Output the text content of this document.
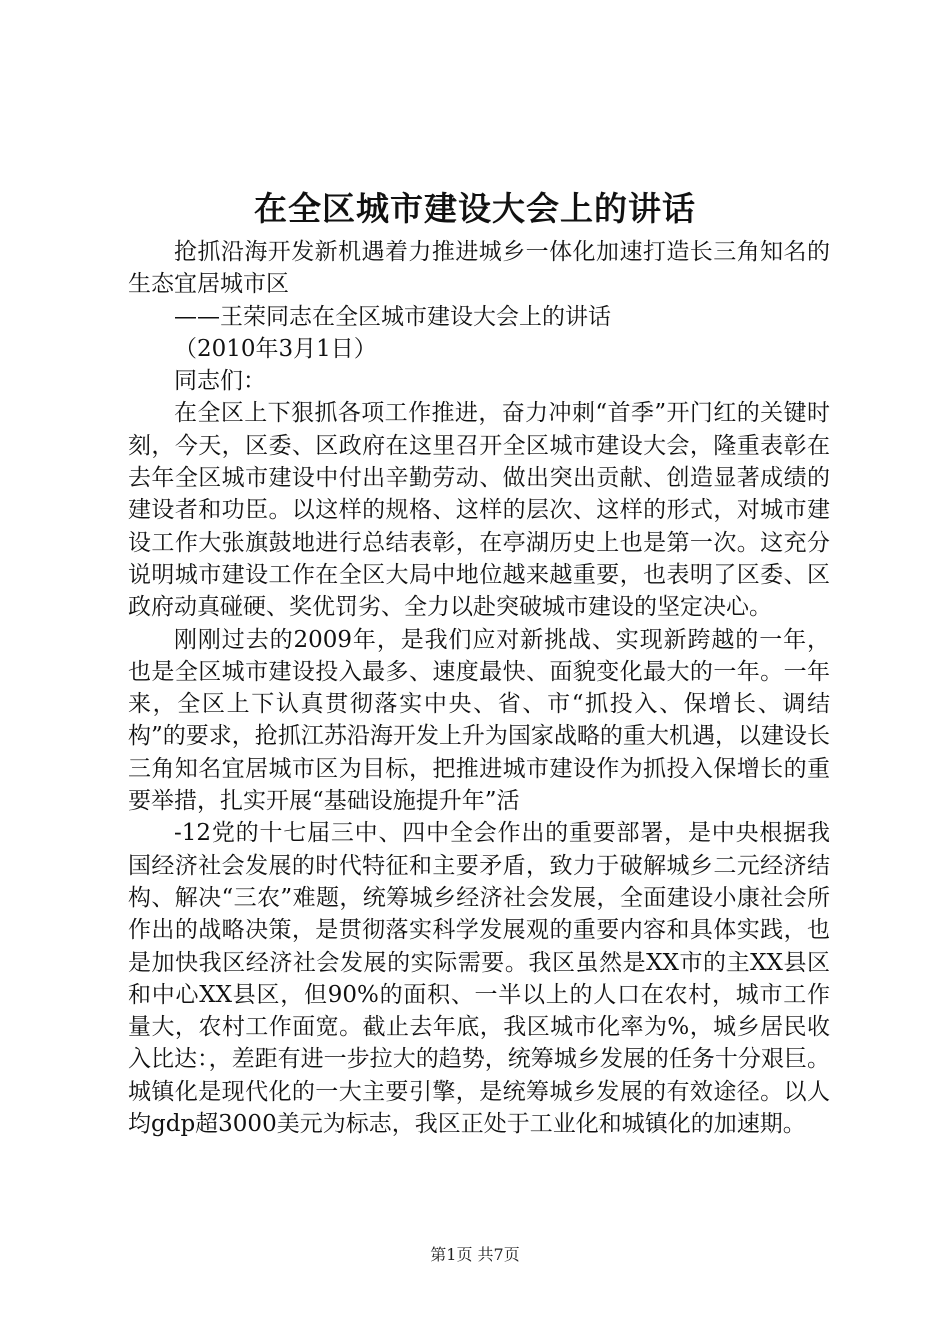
在全区城市建设大会上的讲话

抢抓沿海开发新机遇着力推进城乡一体化加速打造长三角知名的生态宜居城市区

——王荣同志在全区城市建设大会上的讲话

（2010年3月1日）

同志们：

在全区上下狠抓各项工作推进，奋力冲刺“首季”开门红的关键时刻，今天，区委、区政府在这里召开全区城市建设大会，隆重表彰在去年全区城市建设中付出辛勤劳动、做出突出贡献、创造显著成绩的建设者和功臣。以这样的规格、这样的层次、这样的形式，对城市建设工作大张旗鼓地进行总结表彰，在亭湖历史上也是第一次。这充分说明城市建设工作在全区大局中地位越来越重要，也表明了区委、区政府动真碰硬、奖优罚劣、全力以赴突破城市建设的坚定决心。

刚刚过去的2009年，是我们应对新挑战、实现新跨越的一年，也是全区城市建设投入最多、速度最快、面貌变化最大的一年。一年来，全区上下认真贯彻落实中央、省、市“抓投入、保增长、调结构”的要求，抢抓江苏沿海开发上升为国家战略的重大机遇，以建设长三角知名宜居城市区为目标，把推进城市建设作为抓投入保增长的重要举措，扎实开展“基础设施提升年”活

-12党的十七届三中、四中全会作出的重要部署，是中央根据我国经济社会发展的时代特征和主要矛盾，致力于破解城乡二元经济结构、解决“三农”难题，统筹城乡经济社会发展，全面建设小康社会所作出的战略决策，是贯彻落实科学发展观的重要内容和具体实践，也是加快我区经济社会发展的实际需要。我区虽然是XX市的主XX县区和中心XX县区，但90%的面积、一半以上的人口在农村，城市工作量大，农村工作面宽。截止去年底，我区城市化率为%，城乡居民收入比达：，差距有进一步拉大的趋势，统筹城乡发展的任务十分艰巨。城镇化是现代化的一大主要引擎，是统筹城乡发展的有效途径。以人均gdp超3000美元为标志，我区正处于工业化和城镇化的加速期。

第1页 共7页
